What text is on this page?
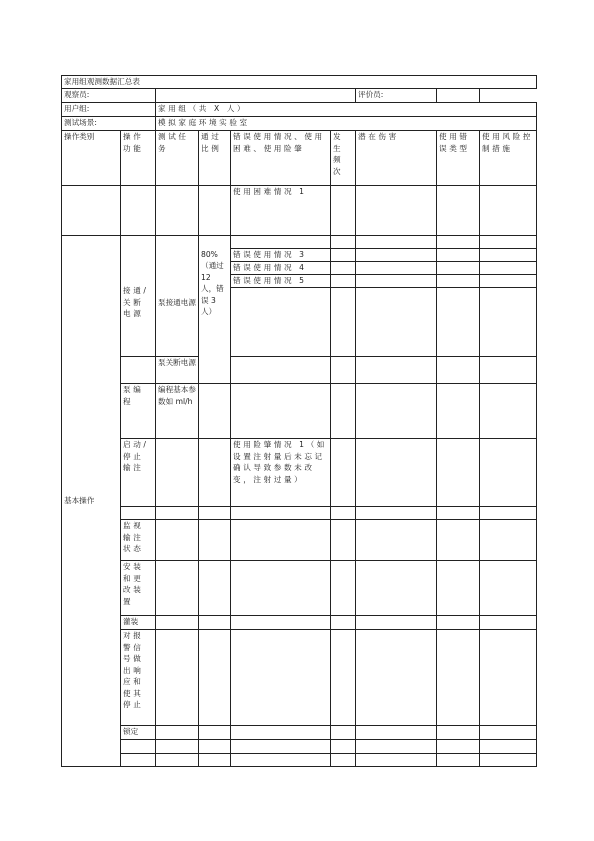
家用组观测数据汇总表								
观察员:						评价员:		
用户组:		家用组（共 X 人）						
测试场景:		模拟家庭环境实验室						
操作类别	操作功能	测试任务	通过比例	错误使用情况、使用困难、使用险肇	发生频次	潜在伤害	使用错误类型	使用风险控制措施
				使用困难情况 1				
基本操作								
	接通/关断电源	泵接通电源	80%（通过 12 人，错误 3 人）	错误使用情况 3				
				错误使用情况 4				
				错误使用情况 5				

		泵关断电源						
	泵编程	编程基本参数如 ml/h						
	启动/停止输注			使用险肇情况 1（如设置注射量后未忘记确认导致参数未改变，注射过量）				

	监视输注状态							
	安装和更改装置							
	灌装							
	对报警信号做出响应和使其停止							
	锁定							
